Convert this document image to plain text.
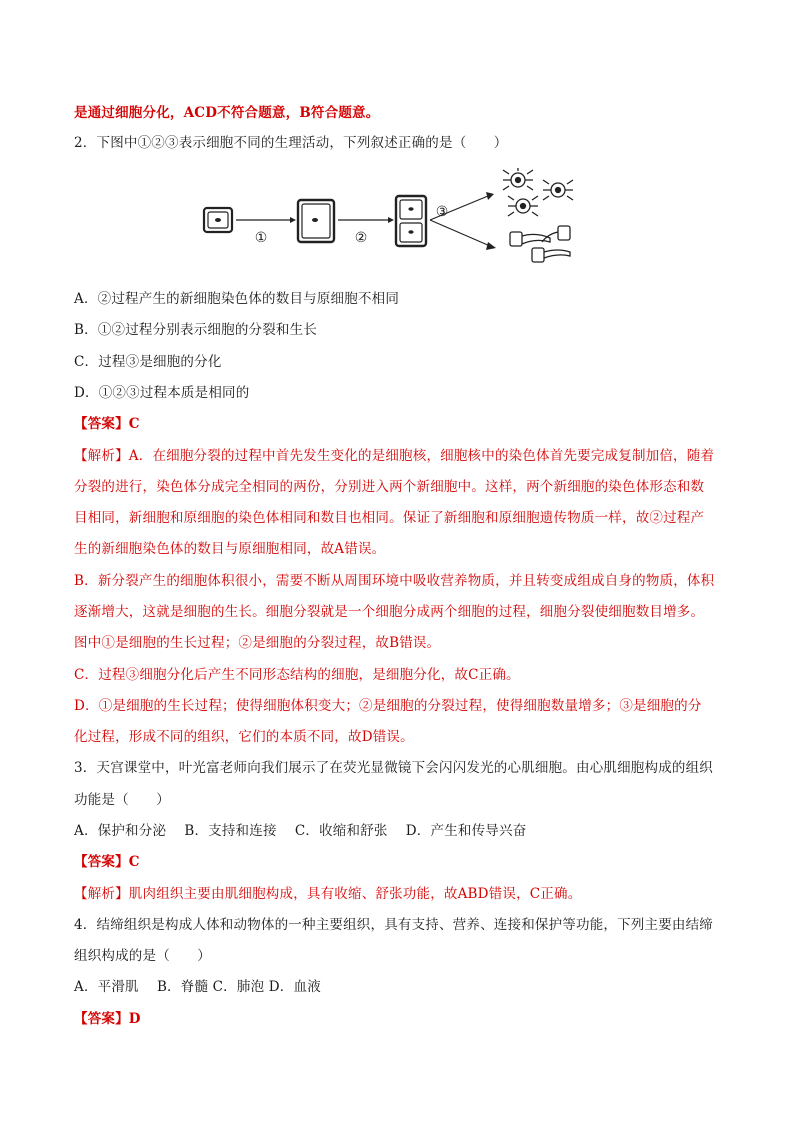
是通过细胞分化，ACD不符合题意，B符合题意。
2．下图中①②③表示细胞不同的生理活动，下列叙述正确的是（　　）
①	②
③
A．②过程产生的新细胞染色体的数目与原细胞不相同
B．①②过程分别表示细胞的分裂和生长
C．过程③是细胞的分化
D．①②③过程本质是相同的
【答案】C
【解析】A．在细胞分裂的过程中首先发生变化的是细胞核，细胞核中的染色体首先要完成复制加倍，随着
分裂的进行，染色体分成完全相同的两份，分别进入两个新细胞中。这样，两个新细胞的染色体形态和数
目相同，新细胞和原细胞的染色体相同和数目也相同。保证了新细胞和原细胞遗传物质一样，故②过程产
生的新细胞染色体的数目与原细胞相同，故A错误。
B．新分裂产生的细胞体积很小，需要不断从周围环境中吸收营养物质，并且转变成组成自身的物质，体积
逐渐增大，这就是细胞的生长。细胞分裂就是一个细胞分成两个细胞的过程，细胞分裂使细胞数目增多。
图中①是细胞的生长过程；②是细胞的分裂过程，故B错误。
C．过程③细胞分化后产生不同形态结构的细胞，是细胞分化，故C正确。
D．①是细胞的生长过程；使得细胞体积变大；②是细胞的分裂过程，使得细胞数量增多；③是细胞的分
化过程，形成不同的组织，它们的本质不同，故D错误。
3．天宫课堂中，叶光富老师向我们展示了在荧光显微镜下会闪闪发光的心肌细胞。由心肌细胞构成的组织
功能是（　　）
A．保护和分泌　 B．支持和连接　 C．收缩和舒张　 D．产生和传导兴奋
【答案】C
【解析】肌肉组织主要由肌细胞构成，具有收缩、舒张功能，故ABD错误，C正确。
4．结缔组织是构成人体和动物体的一种主要组织，具有支持、营养、连接和保护等功能，下列主要由结缔
组织构成的是（　　）
A．平滑肌　 B．脊髓 C．肺泡 D．血液
【答案】D
